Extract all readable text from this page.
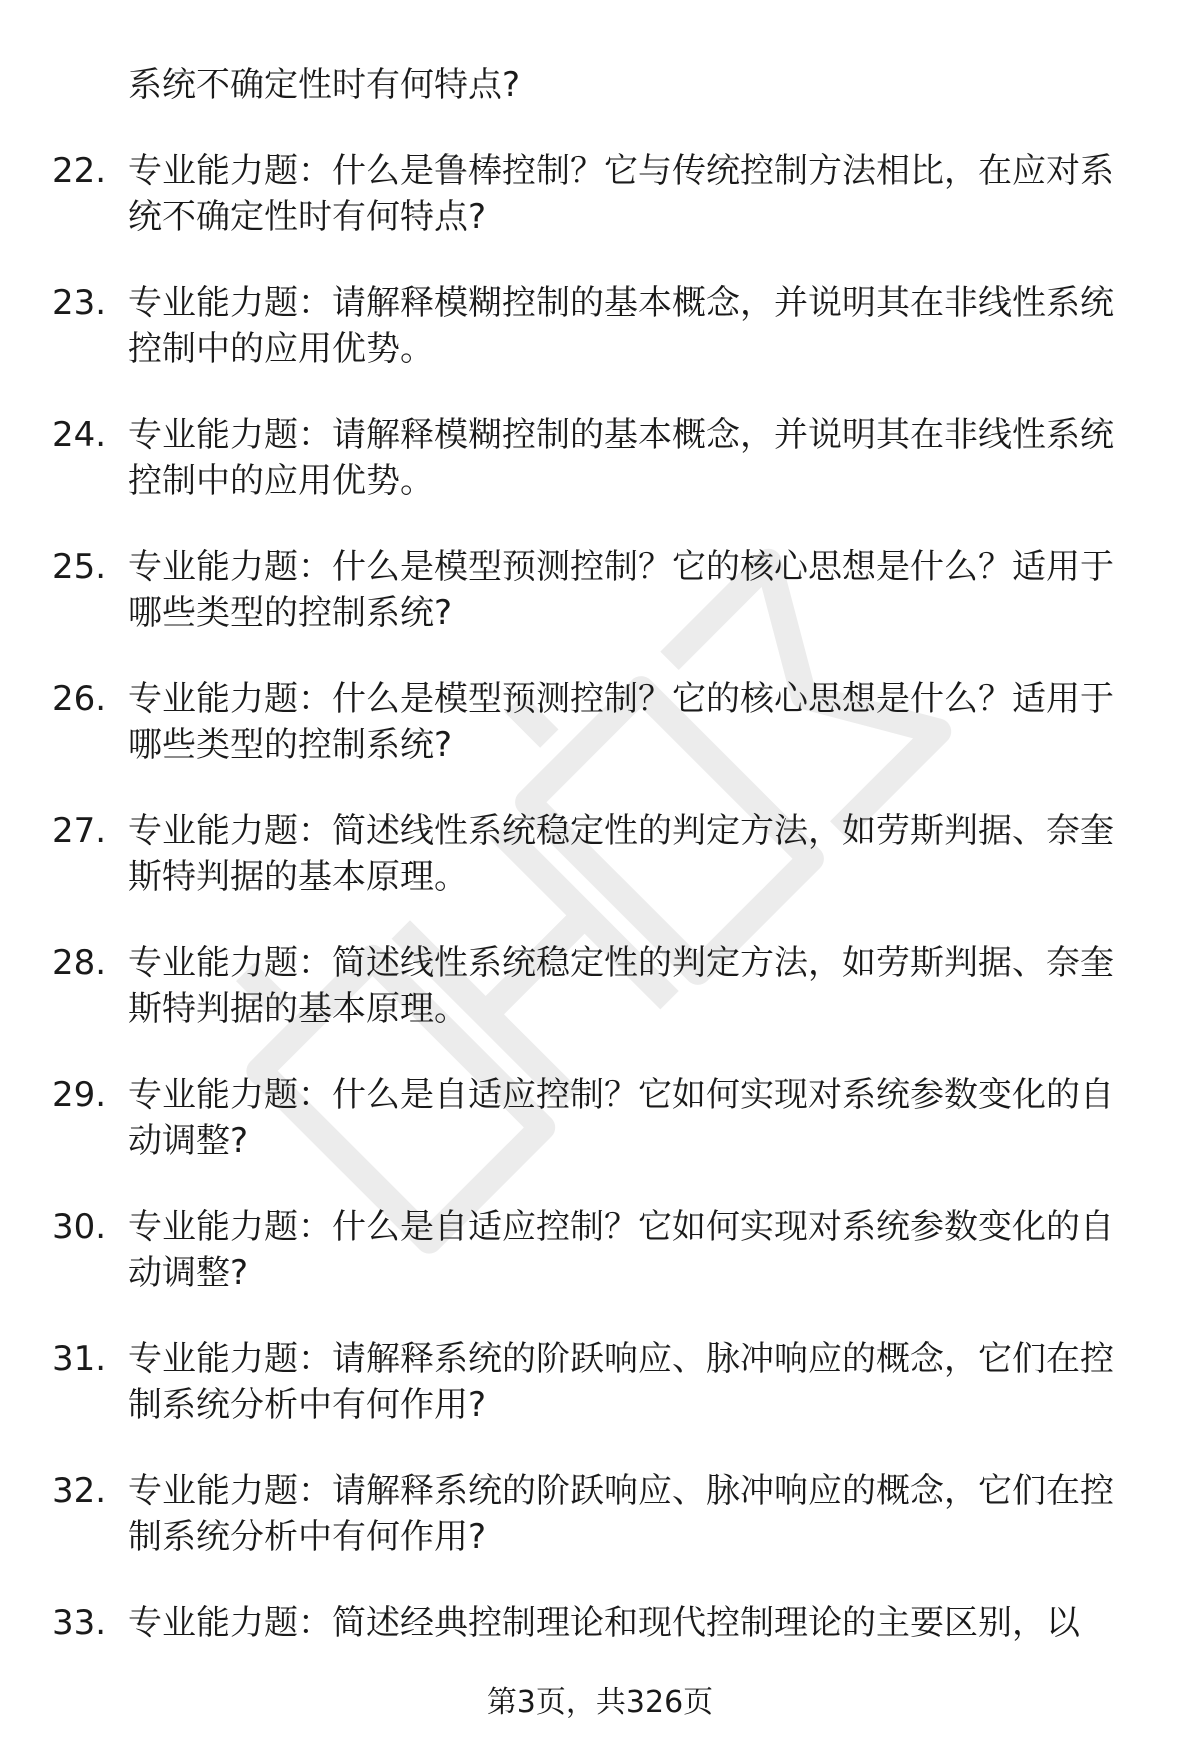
系统不确定性时有何特点?

22. 专业能力题：什么是鲁棒控制？它与传统控制方法相比，在应对系统不确定性时有何特点?
23. 专业能力题：请解释模糊控制的基本概念，并说明其在非线性系统控制中的应用优势。
24. 专业能力题：请解释模糊控制的基本概念，并说明其在非线性系统控制中的应用优势。
25. 专业能力题：什么是模型预测控制？它的核心思想是什么？适用于哪些类型的控制系统?
26. 专业能力题：什么是模型预测控制？它的核心思想是什么？适用于哪些类型的控制系统?
27. 专业能力题：简述线性系统稳定性的判定方法，如劳斯判据、奈奎斯特判据的基本原理。
28. 专业能力题：简述线性系统稳定性的判定方法，如劳斯判据、奈奎斯特判据的基本原理。
29. 专业能力题：什么是自适应控制？它如何实现对系统参数变化的自动调整?
30. 专业能力题：什么是自适应控制？它如何实现对系统参数变化的自动调整?
31. 专业能力题：请解释系统的阶跃响应、脉冲响应的概念，它们在控制系统分析中有何作用?
32. 专业能力题：请解释系统的阶跃响应、脉冲响应的概念，它们在控制系统分析中有何作用?
33. 专业能力题：简述经典控制理论和现代控制理论的主要区别，以
第3页，共326页
